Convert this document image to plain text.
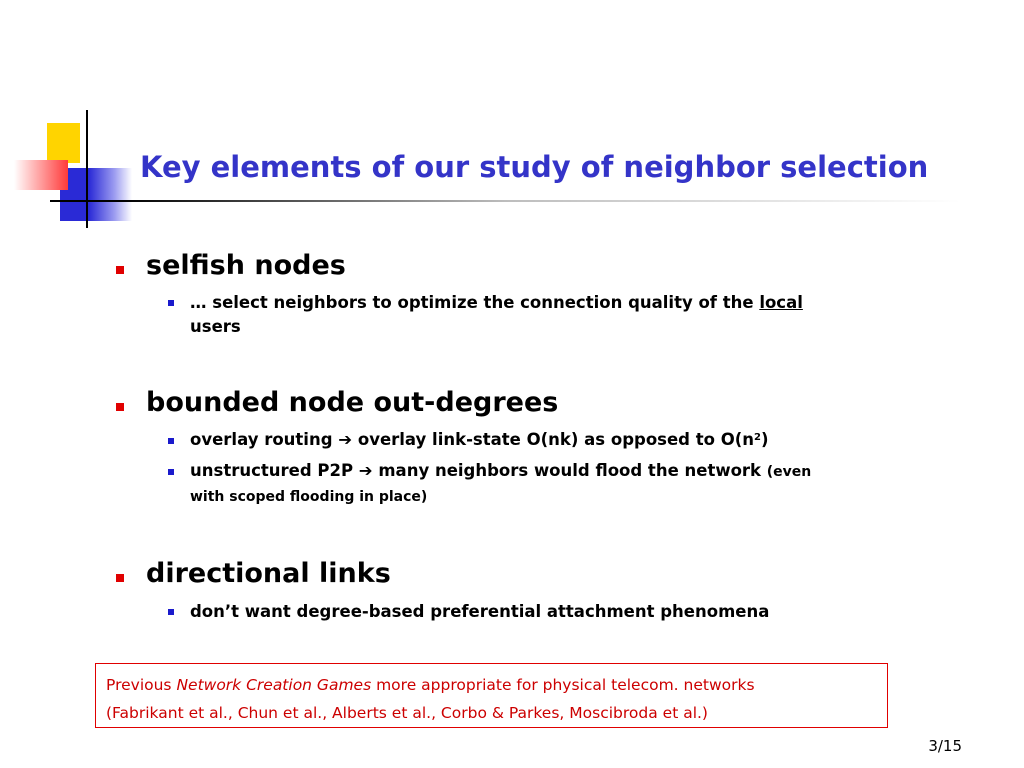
Key elements of our study of neighbor selection
selfish nodes
… select neighbors to optimize the connection quality of the local
users
bounded node out-degrees
overlay routing ➔ overlay link-state O(nk) as opposed to $O(n^2)$
unstructured P2P ➔ many neighbors would flood the network (even
with scoped flooding in place)
directional links
don’t want degree-based preferential attachment phenomena
Previous Network Creation Games more appropriate for physical telecom. networks
(Fabrikant et al., Chun et al., Alberts et al., Corbo & Parkes, Moscibroda et al.)
3/15
